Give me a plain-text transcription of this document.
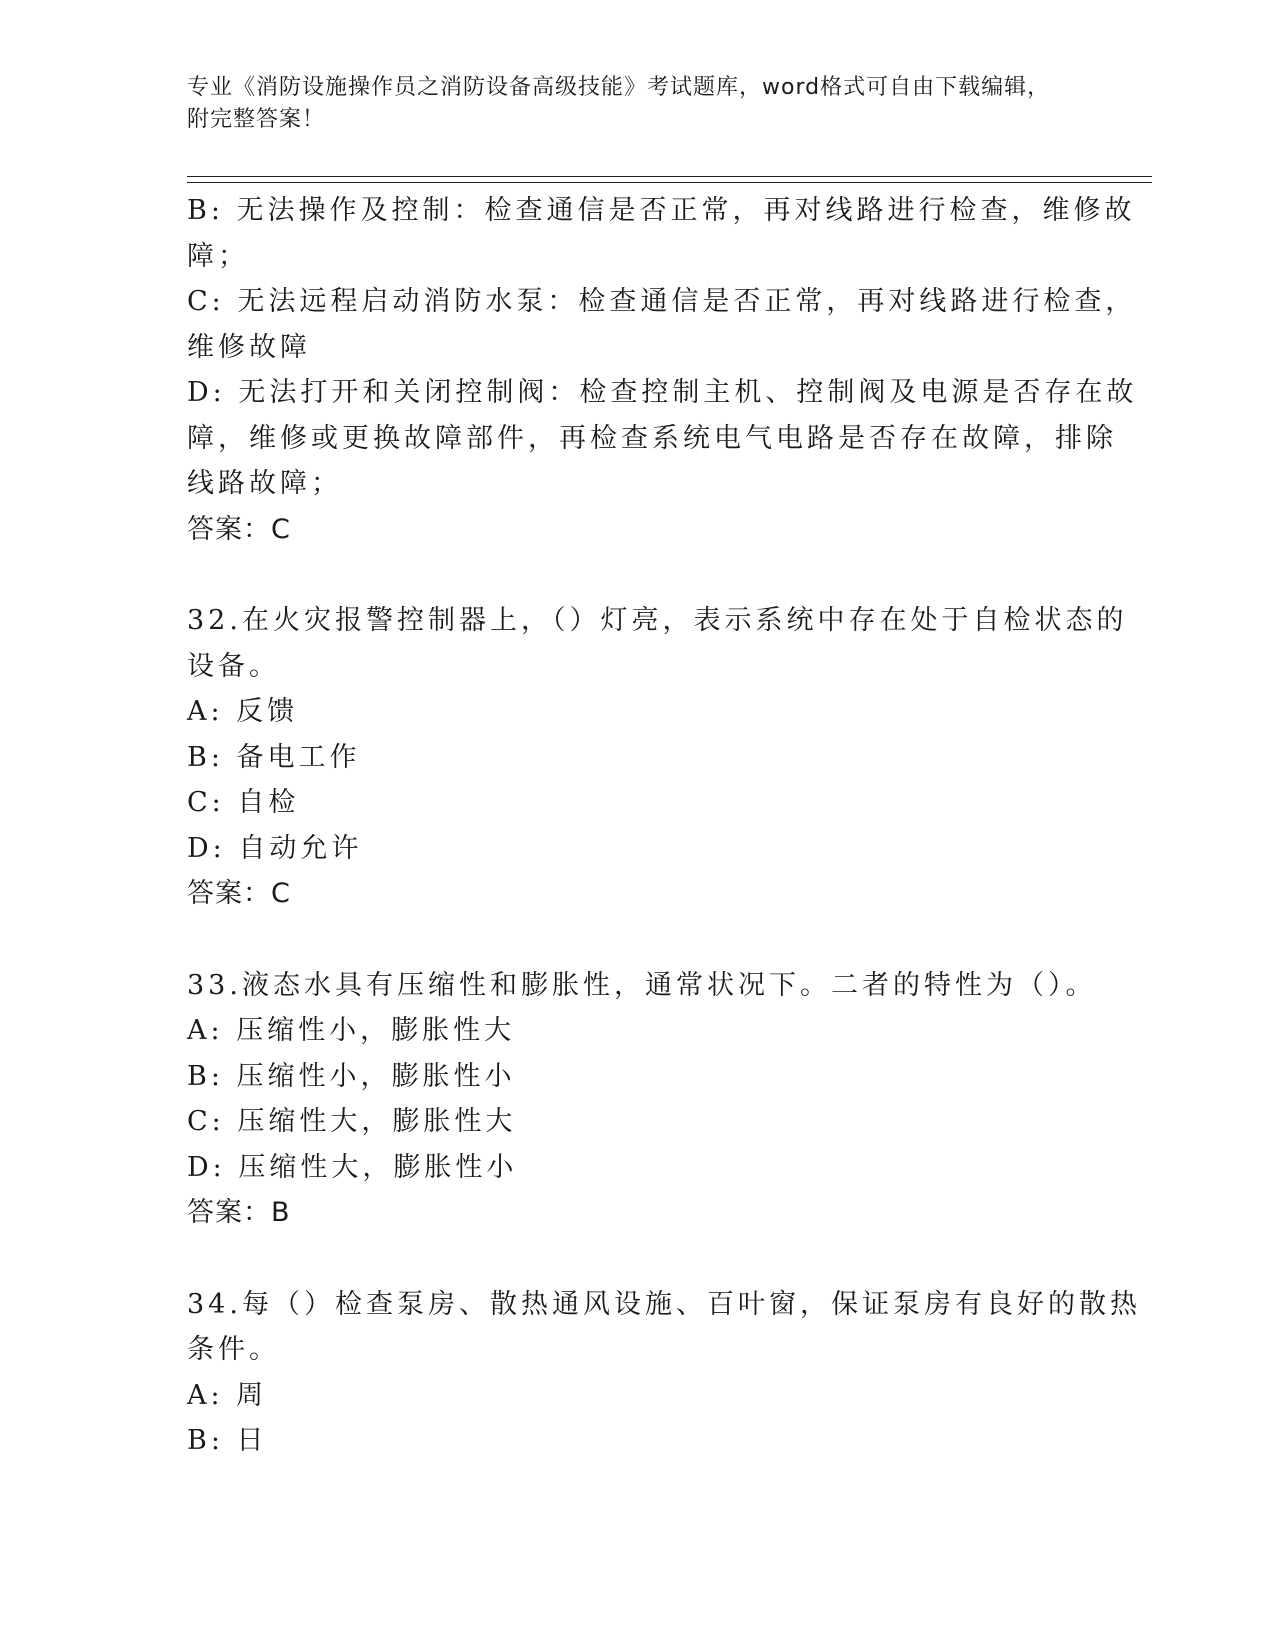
专业《消防设施操作员之消防设备高级技能》考试题库，word格式可自由下载编辑，附完整答案！
B: 无法操作及控制：检查通信是否正常，再对线路进行检查，维修故
障；
C: 无法远程启动消防水泵：检查通信是否正常，再对线路进行检查，
维修故障
D: 无法打开和关闭控制阀：检查控制主机、控制阀及电源是否存在故
障，维修或更换故障部件，再检查系统电气电路是否存在故障，排除
线路故障；
答案：C
32.在火灾报警控制器上，（）灯亮，表示系统中存在处于自检状态的
设备。
A: 反馈
B: 备电工作
C: 自检
D: 自动允许
答案：C
33.液态水具有压缩性和膨胀性，通常状况下。二者的特性为（）。
A: 压缩性小，膨胀性大
B: 压缩性小，膨胀性小
C: 压缩性大，膨胀性大
D: 压缩性大，膨胀性小
答案：B
34.每（）检查泵房、散热通风设施、百叶窗，保证泵房有良好的散热
条件。
A: 周
B: 日
